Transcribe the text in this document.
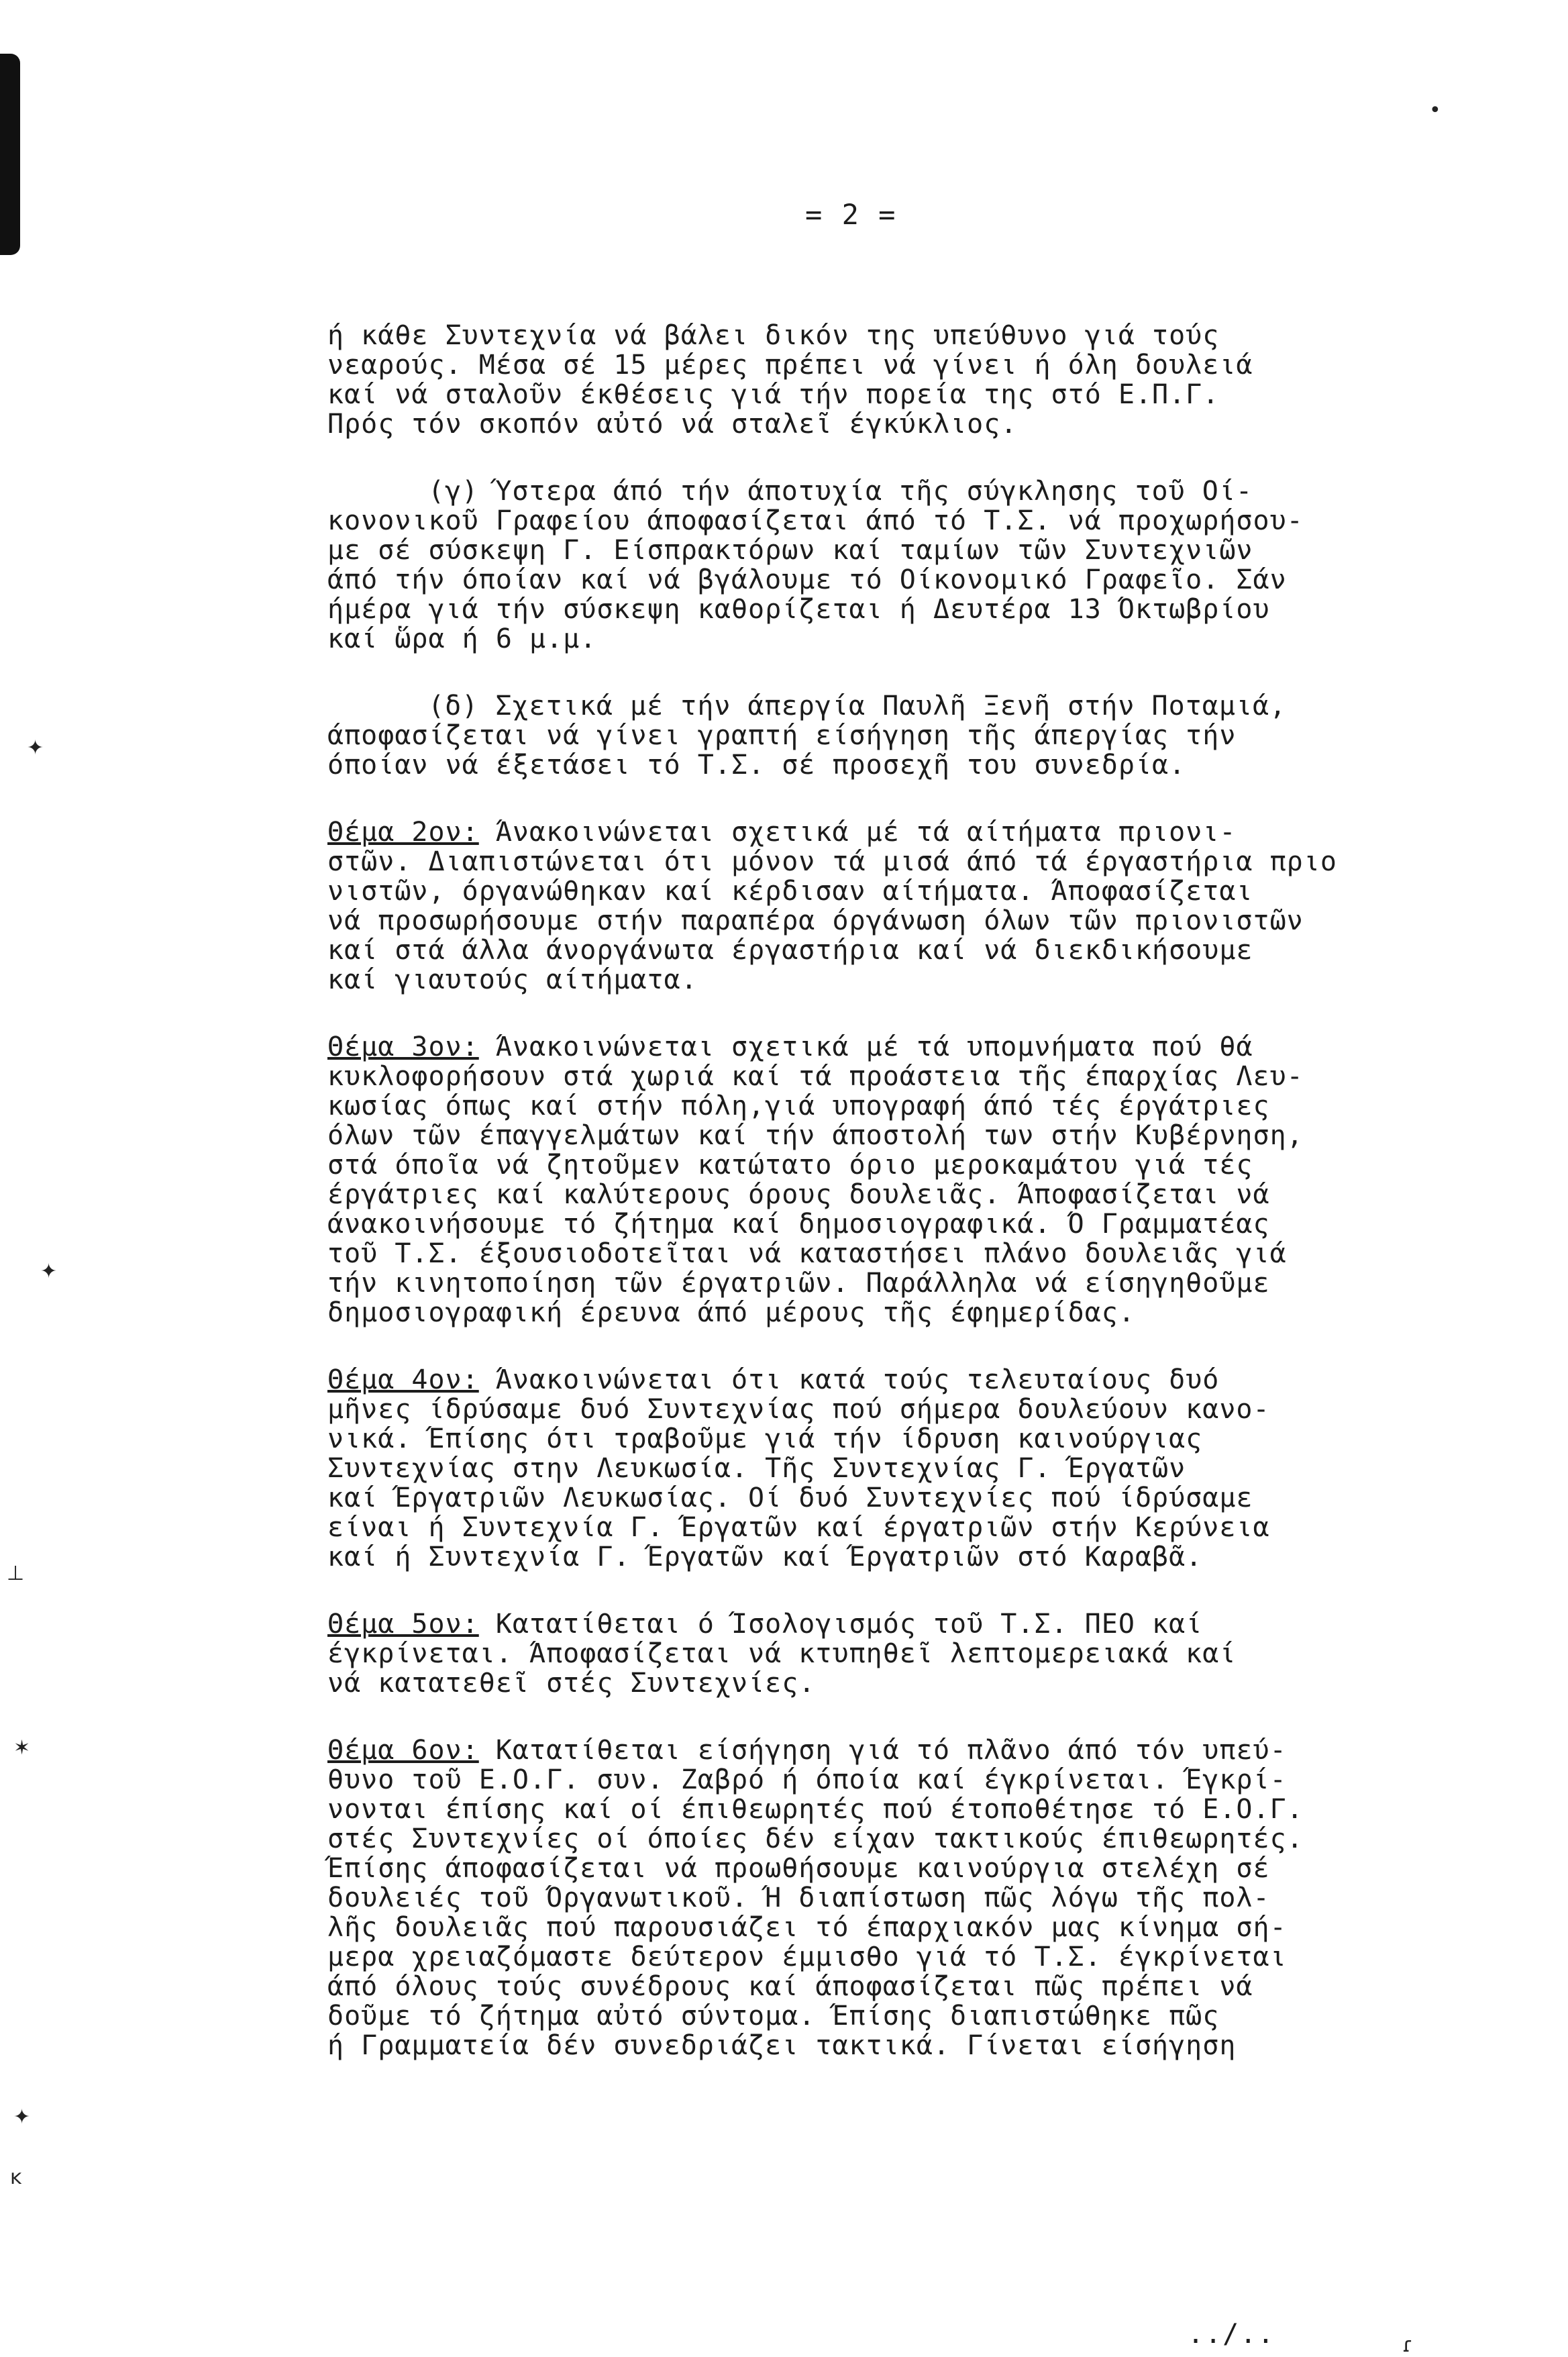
•
✦
✦
⊥
✶
✦
ĸ
ɾ
= 2 =

ή κάθε Συντεχνία νά βάλει δικόν της υπεύθυνο γιά τούς
νεαρούς. Μέσα σέ 15 μέρες πρέπει νά γίνει ή όλη δουλειά
καί νά σταλοῦν έκθέσεις γιά τήν πορεία της στό Ε.Π.Γ.
Πρός τόν σκοπόν αὐτό νά σταλεῖ έγκύκλιος.

(γ) Ύστερα άπό τήν άποτυχία τῆς σύγκλησης τοῦ Οί-
κονονικοῦ Γραφείου άποφασίζεται άπό τό Τ.Σ. νά προχωρήσου-
με σέ σύσκεψη Γ. Είσπρακτόρων καί ταμίων τῶν Συντεχνιῶν
άπό τήν όποίαν καί νά βγάλουμε τό Οίκονομικό Γραφεῖο. Σάν
ήμέρα γιά τήν σύσκεψη καθορίζεται ή Δευτέρα 13 Όκτωβρίου
καί ὥρα ή 6 μ.μ.

(δ) Σχετικά μέ τήν άπεργία Παυλῆ Ξενῆ στήν Ποταμιά,
άποφασίζεται νά γίνει γραπτή είσήγηση τῆς άπεργίας τήν
όποίαν νά έξετάσει τό Τ.Σ. σέ προσεχῆ του συνεδρία.

Θέμα 2ον: Άνακοινώνεται σχετικά μέ τά αίτήματα πριονι-
στῶν. Διαπιστώνεται ότι μόνον τά μισά άπό τά έργαστήρια πριο
νιστῶν, όργανώθηκαν καί κέρδισαν αίτήματα. Άποφασίζεται
νά προσωρήσουμε στήν παραπέρα όργάνωση όλων τῶν πριονιστῶν
καί στά άλλα άνοργάνωτα έργαστήρια καί νά διεκδικήσουμε
καί γιαυτούς αίτήματα.

Θέμα 3ον: Άνακοινώνεται σχετικά μέ τά υπομνήματα πού θά
κυκλοφορήσουν στά χωριά καί τά προάστεια τῆς έπαρχίας Λευ-
κωσίας όπως καί στήν πόλη,γιά υπογραφή άπό τές έργάτριες
όλων τῶν έπαγγελμάτων καί τήν άποστολή των στήν Κυβέρνηση,
στά όποῖα νά ζητοῦμεν κατώτατο όριο μεροκαμάτου γιά τές
έργάτριες καί καλύτερους όρους δουλειᾶς. Άποφασίζεται νά
άνακοινήσουμε τό ζήτημα καί δημοσιογραφικά. Ό Γραμματέας
τοῦ Τ.Σ. έξουσιοδοτεῖται νά καταστήσει πλάνο δουλειᾶς γιά
τήν κινητοποίηση τῶν έργατριῶν. Παράλληλα νά είσηγηθοῦμε
δημοσιογραφική έρευνα άπό μέρους τῆς έφημερίδας.

Θέμα 4ον: Άνακοινώνεται ότι κατά τούς τελευταίους δυό
μῆνες ίδρύσαμε δυό Συντεχνίας πού σήμερα δουλεύουν κανο-
νικά. Έπίσης ότι τραβοῦμε γιά τήν ίδρυση καινούργιας
Συντεχνίας στην Λευκωσία. Τῆς Συντεχνίας Γ. Έργατῶν
καί Έργατριῶν Λευκωσίας. Οί δυό Συντεχνίες πού ίδρύσαμε
είναι ή Συντεχνία Γ. Έργατῶν καί έργατριῶν στήν Κερύνεια
καί ή Συντεχνία Γ. Έργατῶν καί Έργατριῶν στό Καραβᾶ.

Θέμα 5ον: Κατατίθεται ό Ίσολογισμός τοῦ Τ.Σ. ΠΕΟ καί
έγκρίνεται. Άποφασίζεται νά κτυπηθεῖ λεπτομερειακά καί
νά κατατεθεῖ στές Συντεχνίες.

Θέμα 6ον: Κατατίθεται είσήγηση γιά τό πλᾶνο άπό τόν υπεύ-
θυνο τοῦ Ε.Ο.Γ. συν. Ζαβρό ή όποία καί έγκρίνεται. Έγκρί-
νονται έπίσης καί οί έπιθεωρητές πού έτοποθέτησε τό Ε.Ο.Γ.
στές Συντεχνίες οί όποίες δέν είχαν τακτικούς έπιθεωρητές.
Έπίσης άποφασίζεται νά προωθήσουμε καινούργια στελέχη σέ
δουλειές τοῦ Όργανωτικοῦ. Ή διαπίστωση πῶς λόγω τῆς πολ-
λῆς δουλειᾶς πού παρουσιάζει τό έπαρχιακόν μας κίνημα σή-
μερα χρειαζόμαστε δεύτερον έμμισθο γιά τό Τ.Σ. έγκρίνεται
άπό όλους τούς συνέδρους καί άποφασίζεται πῶς πρέπει νά
δοῦμε τό ζήτημα αὐτό σύντομα. Έπίσης διαπιστώθηκε πῶς
ή Γραμματεία δέν συνεδριάζει τακτικά. Γίνεται είσήγηση

../..
